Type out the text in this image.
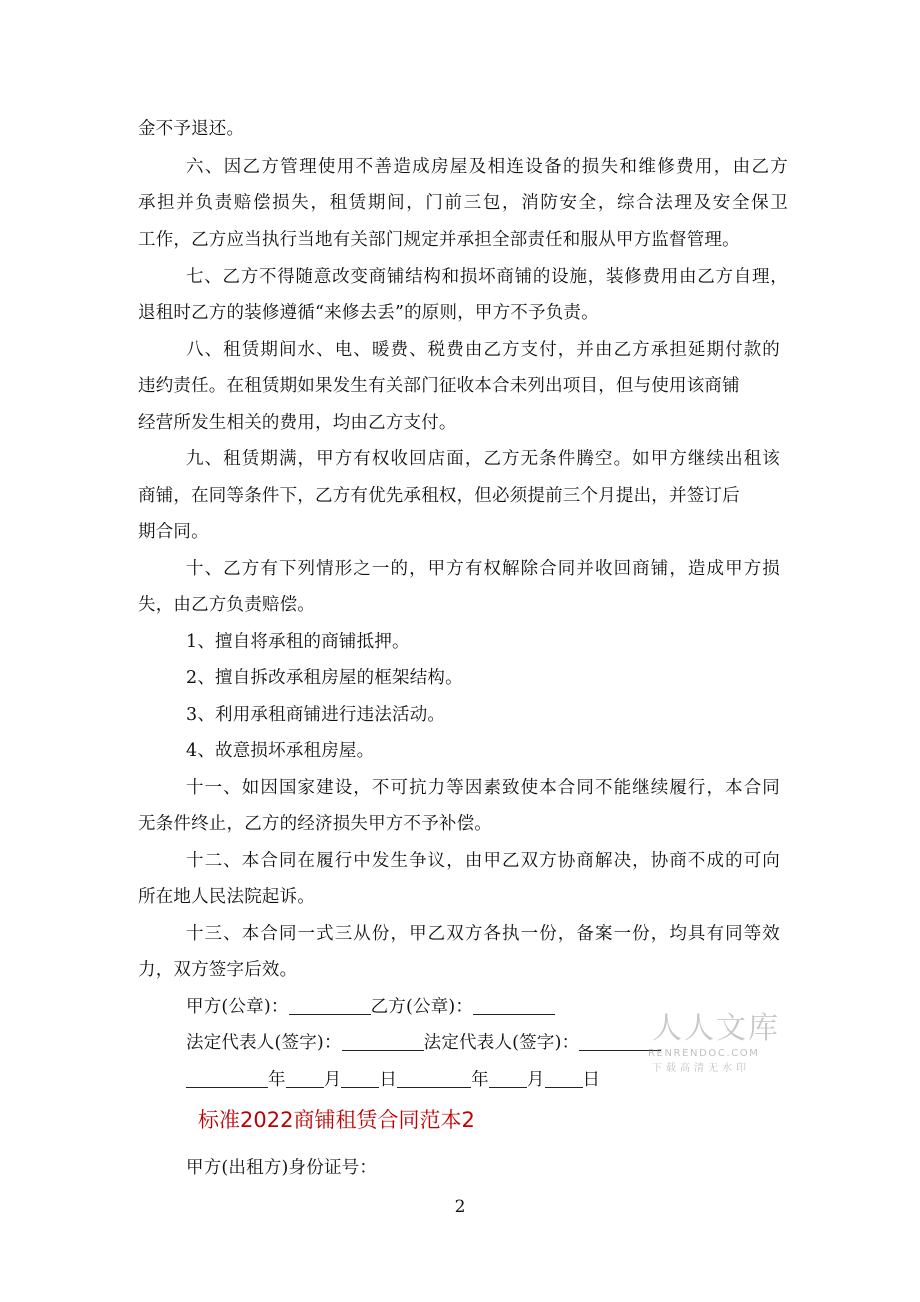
金不予退还。
六、因乙方管理使用不善造成房屋及相连设备的损失和维修费用，由乙方
承担并负责赔偿损失，租赁期间，门前三包，消防安全，综合法理及安全保卫
工作，乙方应当执行当地有关部门规定并承担全部责任和服从甲方监督管理。
七、乙方不得随意改变商铺结构和损坏商铺的设施，装修费用由乙方自理，
退租时乙方的装修遵循“来修去丢”的原则，甲方不予负责。
八、租赁期间水、电、暖费、税费由乙方支付，并由乙方承担延期付款的
违约责任。在租赁期如果发生有关部门征收本合未列出项目，但与使用该商铺
经营所发生相关的费用，均由乙方支付。
九、租赁期满，甲方有权收回店面，乙方无条件腾空。如甲方继续出租该
商铺，在同等条件下，乙方有优先承租权，但必须提前三个月提出，并签订后
期合同。
十、乙方有下列情形之一的，甲方有权解除合同并收回商铺，造成甲方损
失，由乙方负责赔偿。
1、擅自将承租的商铺抵押。
2、擅自拆改承租房屋的框架结构。
3、利用承租商铺进行违法活动。
4、故意损坏承租房屋。
十一、如因国家建设，不可抗力等因素致使本合同不能继续履行，本合同
无条件终止，乙方的经济损失甲方不予补偿。
十二、本合同在履行中发生争议，由甲乙双方协商解决，协商不成的可向
所在地人民法院起诉。
十三、本合同一式三从份，甲乙双方各执一份，备案一份，均具有同等效
力，双方签字后效。
甲方(公章)：	乙方(公章)：
法定代表人(签字)：	法定代表人(签字)：
年 月 日	年 月 日
人人文库
RENRENDOC.COM
下载高清无水印
标准2022商铺租赁合同范本2
甲方(出租方)身份证号：
2
